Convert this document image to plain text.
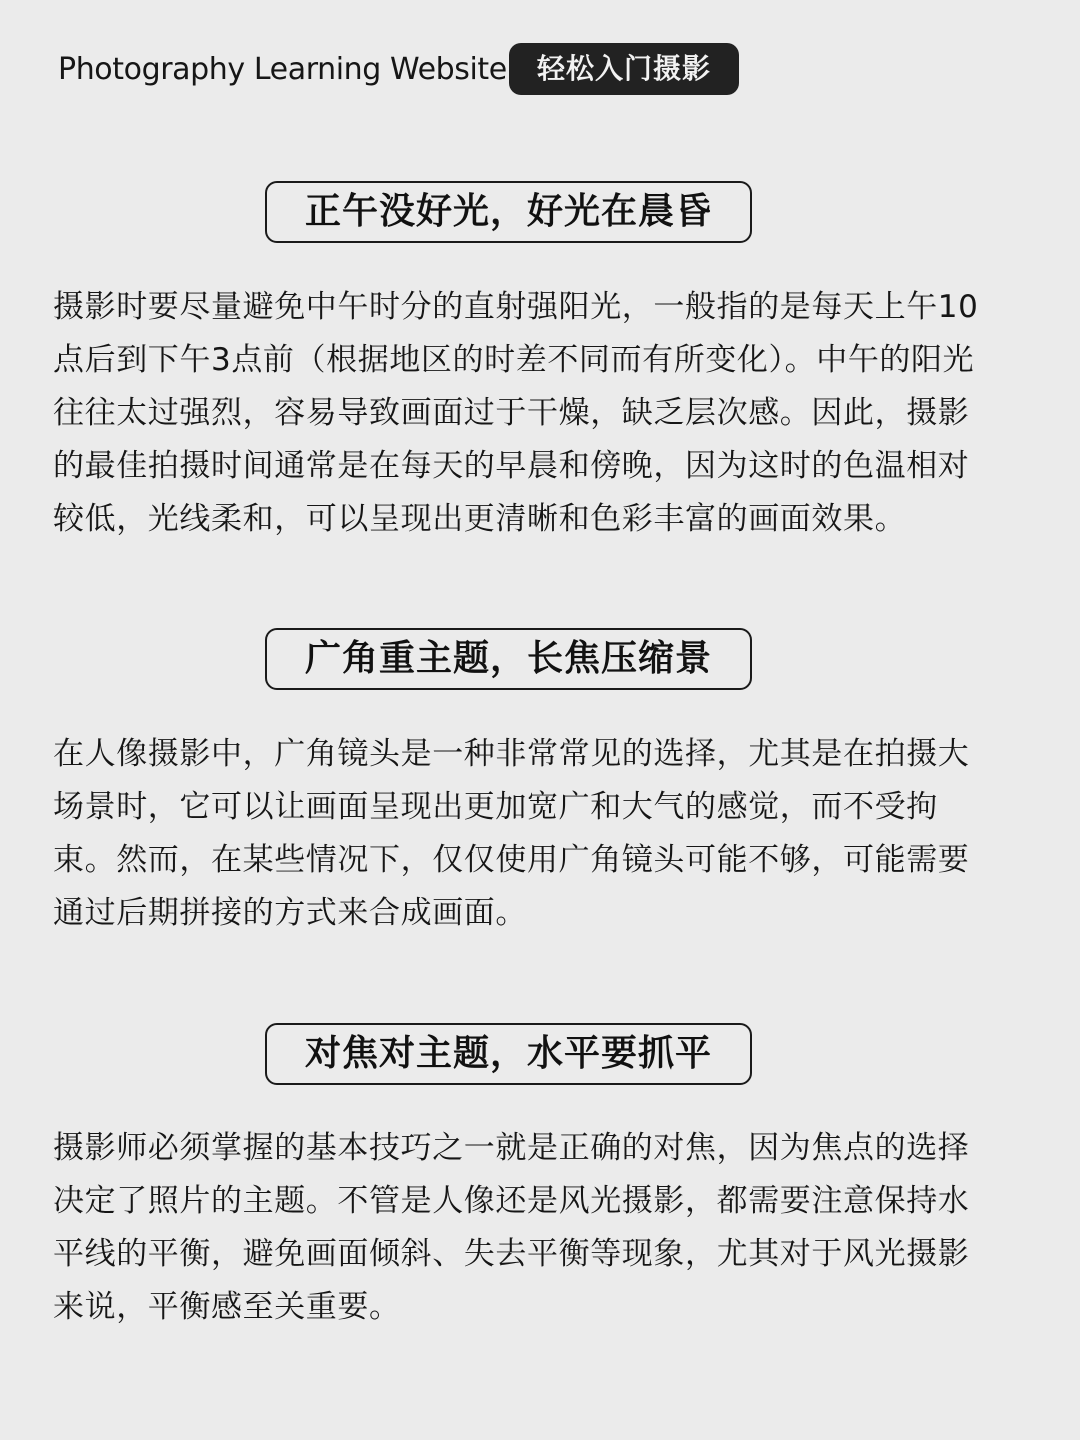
Photography Learning Website	轻松入门摄影
正午没好光，好光在晨昏
摄影时要尽量避免中午时分的直射强阳光，一般指的是每天上午10
点后到下午3点前（根据地区的时差不同而有所变化）。中午的阳光
往往太过强烈，容易导致画面过于干燥，缺乏层次感。因此，摄影
的最佳拍摄时间通常是在每天的早晨和傍晚，因为这时的色温相对
较低，光线柔和，可以呈现出更清晰和色彩丰富的画面效果。
广角重主题，长焦压缩景
在人像摄影中，广角镜头是一种非常常见的选择，尤其是在拍摄大
场景时，它可以让画面呈现出更加宽广和大气的感觉，而不受拘
束。然而，在某些情况下，仅仅使用广角镜头可能不够，可能需要
通过后期拼接的方式来合成画面。
对焦对主题，水平要抓平
摄影师必须掌握的基本技巧之一就是正确的对焦，因为焦点的选择
决定了照片的主题。不管是人像还是风光摄影，都需要注意保持水
平线的平衡，避免画面倾斜、失去平衡等现象，尤其对于风光摄影
来说，平衡感至关重要。
